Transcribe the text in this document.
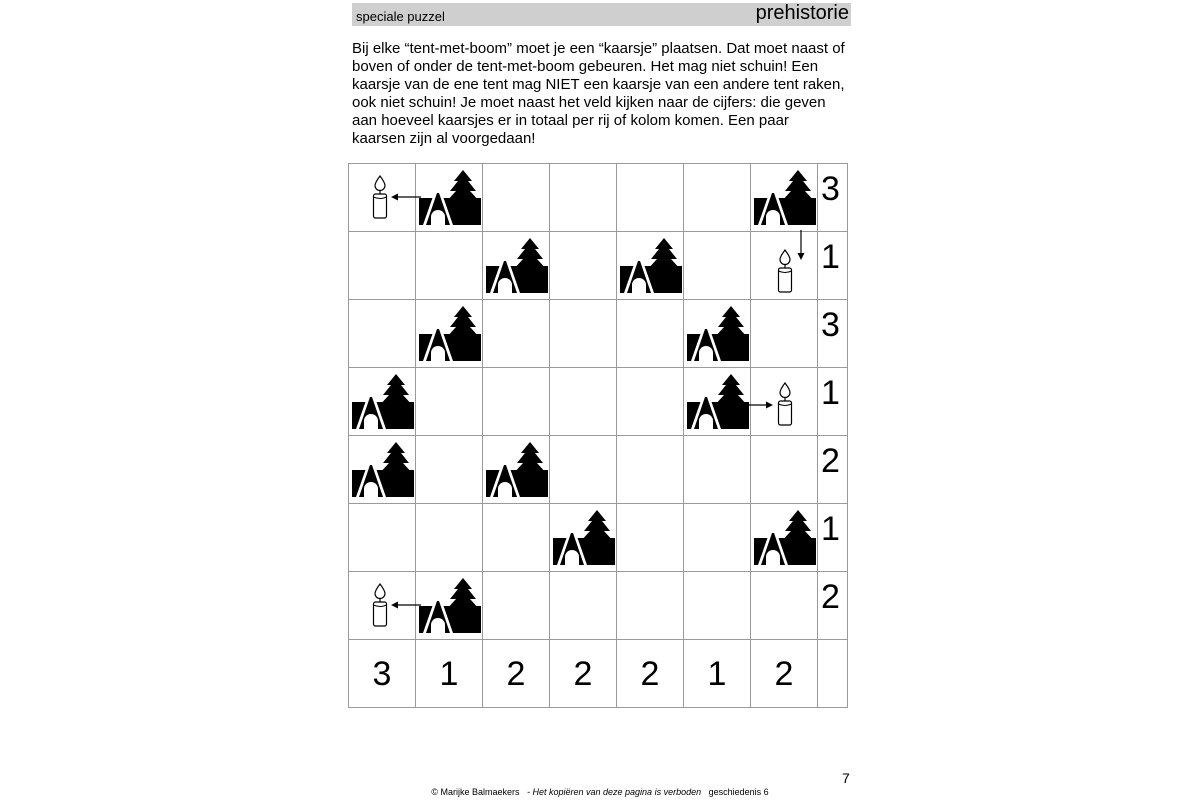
speciale puzzel	prehistorie
Bij elke “tent-met-boom” moet je een “kaarsje” plaatsen. Dat moet naast of
boven of onder de tent-met-boom gebeuren. Het mag niet schuin! Een
kaarsje van de ene tent mag NIET een kaarsje van een andere tent raken,
ook niet schuin! Je moet naast het veld kijken naar de cijfers: die geven
aan hoeveel kaarsjes er in totaal per rij of kolom komen. Een paar
kaarsen zijn al voorgedaan!

3

1

3

1

2

1

2

3	1	2	2	2	1	2	
7
© Marijke Balmaekers - Het kopiëren van deze pagina is verboden geschiedenis 6
